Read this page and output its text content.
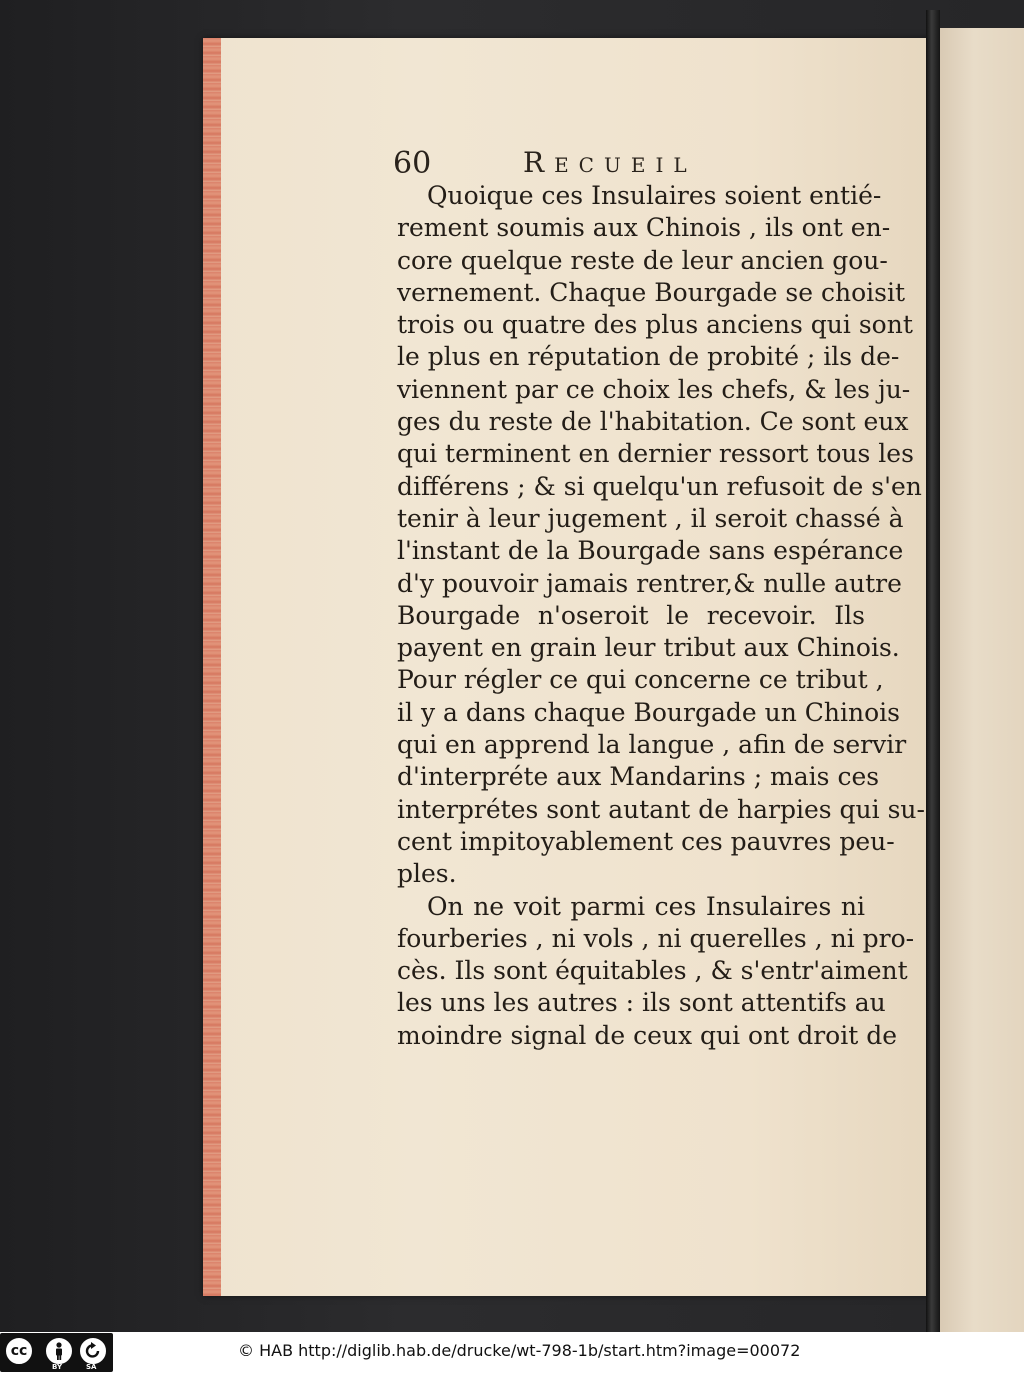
60	Recueil
Quoique ces Insulaires soient entié-
rement soumis aux Chinois , ils ont en-
core quelque reste de leur ancien gou-
vernement. Chaque Bourgade se choisit
trois ou quatre des plus anciens qui sont
le plus en réputation de probité ; ils de-
viennent par ce choix les chefs, & les ju-
ges du reste de l'habitation. Ce sont eux
qui terminent en dernier ressort tous les
différens ; & si quelqu'un refusoit de s'en
tenir à leur jugement , il seroit chassé à
l'instant de la Bourgade sans espérance
d'y pouvoir jamais rentrer,& nulle autre
Bourgade n'oseroit le recevoir. Ils
payent en grain leur tribut aux Chinois.
Pour régler ce qui concerne ce tribut ,
il y a dans chaque Bourgade un Chinois
qui en apprend la langue , afin de servir
d'interpréte aux Mandarins ; mais ces
interprétes sont autant de harpies qui su-
cent impitoyablement ces pauvres peu-
ples.
On ne voit parmi ces Insulaires ni
fourberies , ni vols , ni querelles , ni pro-
cès. Ils sont équitables , & s'entr'aiment
les uns les autres : ils sont attentifs au
moindre signal de ceux qui ont droit de
cc
BY	SA
© HAB http://diglib.hab.de/drucke/wt-798-1b/start.htm?image=00072
